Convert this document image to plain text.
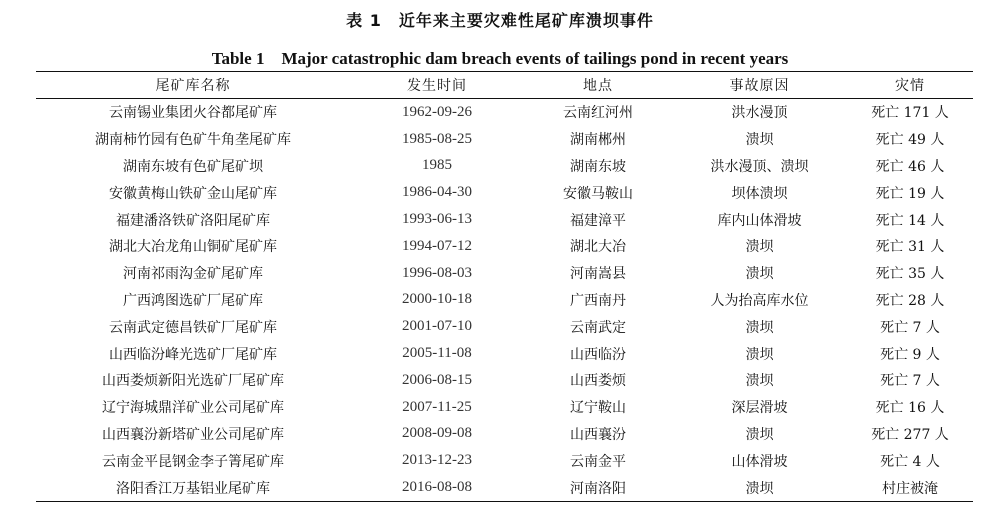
表 1　近年来主要灾难性尾矿库溃坝事件
Table 1　Major catastrophic dam breach events of tailings pond in recent years
尾矿库名称	发生时间	地点	事故原因	灾情
云南锡业集团火谷都尾矿库	1962-09-26	云南红河州	洪水漫顶	死亡 171 人
湖南柿竹园有色矿牛角垄尾矿库	1985-08-25	湖南郴州	溃坝	死亡 49 人
湖南东坡有色矿尾矿坝	1985	湖南东坡	洪水漫顶、溃坝	死亡 46 人
安徽黄梅山铁矿金山尾矿库	1986-04-30	安徽马鞍山	坝体溃坝	死亡 19 人
福建潘洛铁矿洛阳尾矿库	1993-06-13	福建漳平	库内山体滑坡	死亡 14 人
湖北大冶龙角山铜矿尾矿库	1994-07-12	湖北大冶	溃坝	死亡 31 人
河南祁雨沟金矿尾矿库	1996-08-03	河南嵩县	溃坝	死亡 35 人
广西鸿图选矿厂尾矿库	2000-10-18	广西南丹	人为抬高库水位	死亡 28 人
云南武定德昌铁矿厂尾矿库	2001-07-10	云南武定	溃坝	死亡 7 人
山西临汾峰光选矿厂尾矿库	2005-11-08	山西临汾	溃坝	死亡 9 人
山西娄烦新阳光选矿厂尾矿库	2006-08-15	山西娄烦	溃坝	死亡 7 人
辽宁海城鼎洋矿业公司尾矿库	2007-11-25	辽宁鞍山	深层滑坡	死亡 16 人
山西襄汾新塔矿业公司尾矿库	2008-09-08	山西襄汾	溃坝	死亡 277 人
云南金平昆钢金李子箐尾矿库	2013-12-23	云南金平	山体滑坡	死亡 4 人
洛阳香江万基铝业尾矿库	2016-08-08	河南洛阳	溃坝	村庄被淹
